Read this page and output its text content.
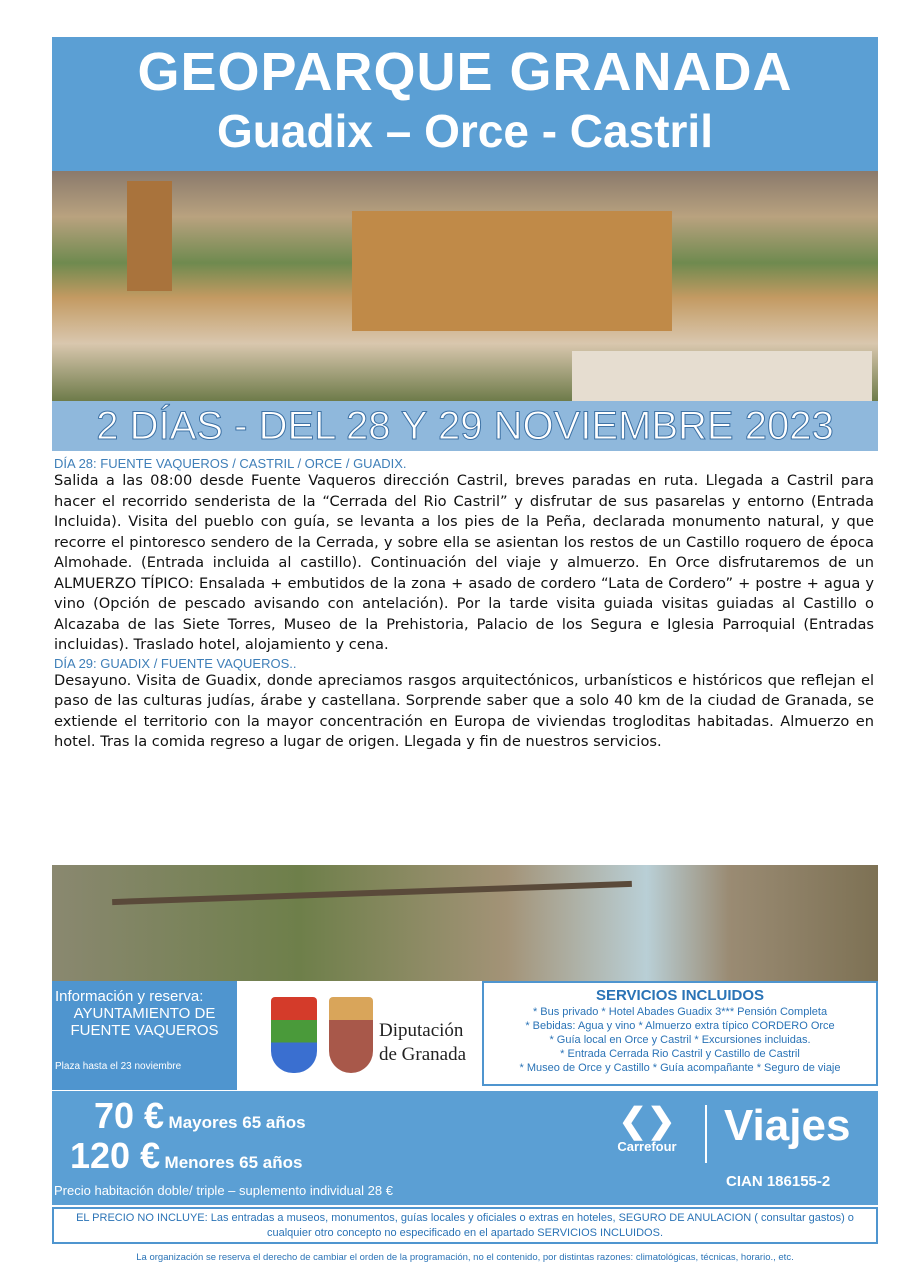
GEOPARQUE GRANADA
Guadix – Orce - Castril
2 DÍAS - DEL 28 Y 29 NOVIEMBRE 2023
DÍA 28: FUENTE VAQUEROS / CASTRIL / ORCE / GUADIX.

Salida a las 08:00 desde Fuente Vaqueros dirección Castril, breves paradas en ruta. Llegada a Castril para hacer el recorrido senderista de la “Cerrada del Rio Castril” y disfrutar de sus pasarelas y entorno (Entrada Incluida). Visita del pueblo con guía, se levanta a los pies de la Peña, declarada monumento natural, y que recorre el pintoresco sendero de la Cerrada, y sobre ella se asientan los restos de un Castillo roquero de época Almohade. (Entrada incluida al castillo). Continuación del viaje y almuerzo. En Orce disfrutaremos de un ALMUERZO TÍPICO: Ensalada + embutidos de la zona + asado de cordero “Lata de Cordero” + postre + agua y vino (Opción de pescado avisando con antelación). Por la tarde visita guiada visitas guiadas al Castillo o Alcazaba de las Siete Torres, Museo de la Prehistoria, Palacio de los Segura e Iglesia Parroquial (Entradas incluidas). Traslado hotel, alojamiento y cena.

DÍA 29: GUADIX / FUENTE VAQUEROS..

Desayuno. Visita de Guadix, donde apreciamos rasgos arquitectónicos, urbanísticos e históricos que reflejan el paso de las culturas judías, árabe y castellana. Sorprende saber que a solo 40 km de la ciudad de Granada, se extiende el territorio con la mayor concentración en Europa de viviendas trogloditas habitadas. Almuerzo en hotel. Tras la comida regreso a lugar de origen. Llegada y fin de nuestros servicios.

Información y reserva:
AYUNTAMIENTO DE
FUENTE VAQUEROS
Plaza hasta el 23 noviembre
Diputación
de Granada
SERVICIOS INCLUIDOS
* Bus privado * Hotel Abades Guadix 3*** Pensión Completa
* Bebidas: Agua y vino * Almuerzo extra típico CORDERO Orce
* Guía local en Orce y Castril * Excursiones incluidas.
* Entrada Cerrada Rio Castril y Castillo de Castril
* Museo de Orce y Castillo * Guía acompañante * Seguro de viaje
70 € Mayores 65 años
120 € Menores 65 años
Precio habitación doble/ triple – suplemento individual 28 €
❮❯
Carrefour Viajes
CIAN 186155-2
EL PRECIO NO INCLUYE: Las entradas a museos, monumentos, guías locales y oficiales o extras en hoteles, SEGURO DE ANULACION ( consultar gastos) o cualquier otro concepto no especificado en el apartado SERVICIOS INCLUIDOS.
La organización se reserva el derecho de cambiar el orden de la programación, no el contenido, por distintas razones: climatológicas, técnicas, horario., etc.
